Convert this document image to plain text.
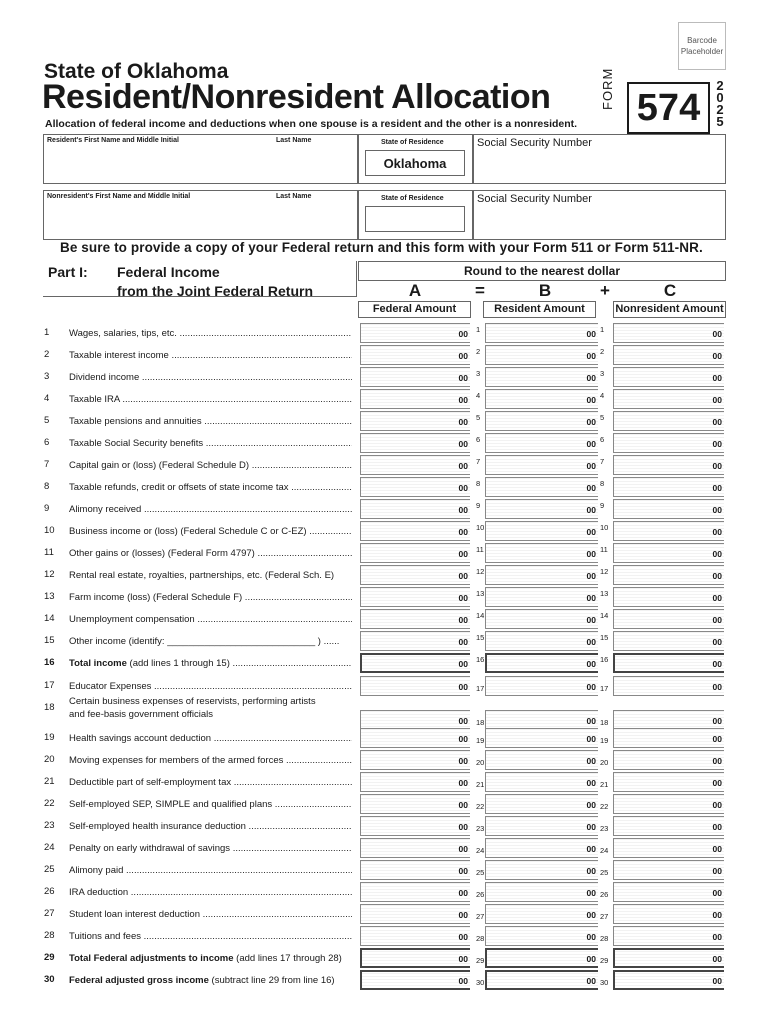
Barcode
Placeholder
State of Oklahoma
Resident/Nonresident Allocation
Allocation of federal income and deductions when one spouse is a resident and the other is a nonresident.
FORM 574
2025
Resident's First Name and Middle Initial	Last Name	State of Residence
Oklahoma
Social Security Number
Nonresident's First Name and Middle Initial	Last Name	State of Residence	Social Security Number
Be sure to provide a copy of your Federal return and this form with your Form 511 or Form 511-NR.
Part I: Federal Income
from the Joint Federal Return
Round to the nearest dollar
A	=	B	+	C
Federal Amount	Resident Amount	Nonresident Amount
1	Wages, salaries, tips, etc. .....	00 1	00 1	00
2	Taxable interest income .....	00 2	00 2	00
3	Dividend income .....	00 3	00 3	00
4	Taxable IRA .....	00 4	00 4	00
5	Taxable pensions and annuities .....	00 5	00 5	00
6	Taxable Social Security benefits .....	00 6	00 6	00
7	Capital gain or (loss) (Federal Schedule D) .....	00 7	00 7	00
8	Taxable refunds, credit or offsets of state income tax .....	00 8	00 8	00
9	Alimony received .....	00 9	00 9	00
10	Business income or (loss) (Federal Schedule C or C-EZ) .....	00 10	00 10	00
11	Other gains or (losses) (Federal Form 4797) .....	00 11	00 11	00
12	Rental real estate, royalties, partnerships, etc. (Federal Sch. E)	00 12	00 12	00
13	Farm income (loss) (Federal Schedule F) .....	00 13	00 13	00
14	Unemployment compensation .....	00 14	00 14	00
15	Other income (identify: ____________________________ ) ......	00 15	00 15	00
16	Total income (add lines 1 through 15) .....	00 16	00 16	00
17	Educator Expenses .....	00 17	00 17	00
18
Certain business expenses of reservists, performing artists
and fee-basis government officials
00 18	00 18	00
19	Health savings account deduction .....	00 19	00 19	00
20	Moving expenses for members of the armed forces .....	00 20	00 20	00
21	Deductible part of self-employment tax .....	00 21	00 21	00
22	Self-employed SEP, SIMPLE and qualified plans .....	00 22	00 22	00
23	Self-employed health insurance deduction .....	00 23	00 23	00
24	Penalty on early withdrawal of savings .....	00 24	00 24	00
25	Alimony paid .....	00 25	00 25	00
26	IRA deduction .....	00 26	00 26	00
27	Student loan interest deduction .....	00 27	00 27	00
28	Tuitions and fees .....	00 28	00 28	00
29	Total Federal adjustments to income (add lines 17 through 28)	00 29	00 29	00
30	Federal adjusted gross income (subtract line 29 from line 16)	00 30	00 30	00
